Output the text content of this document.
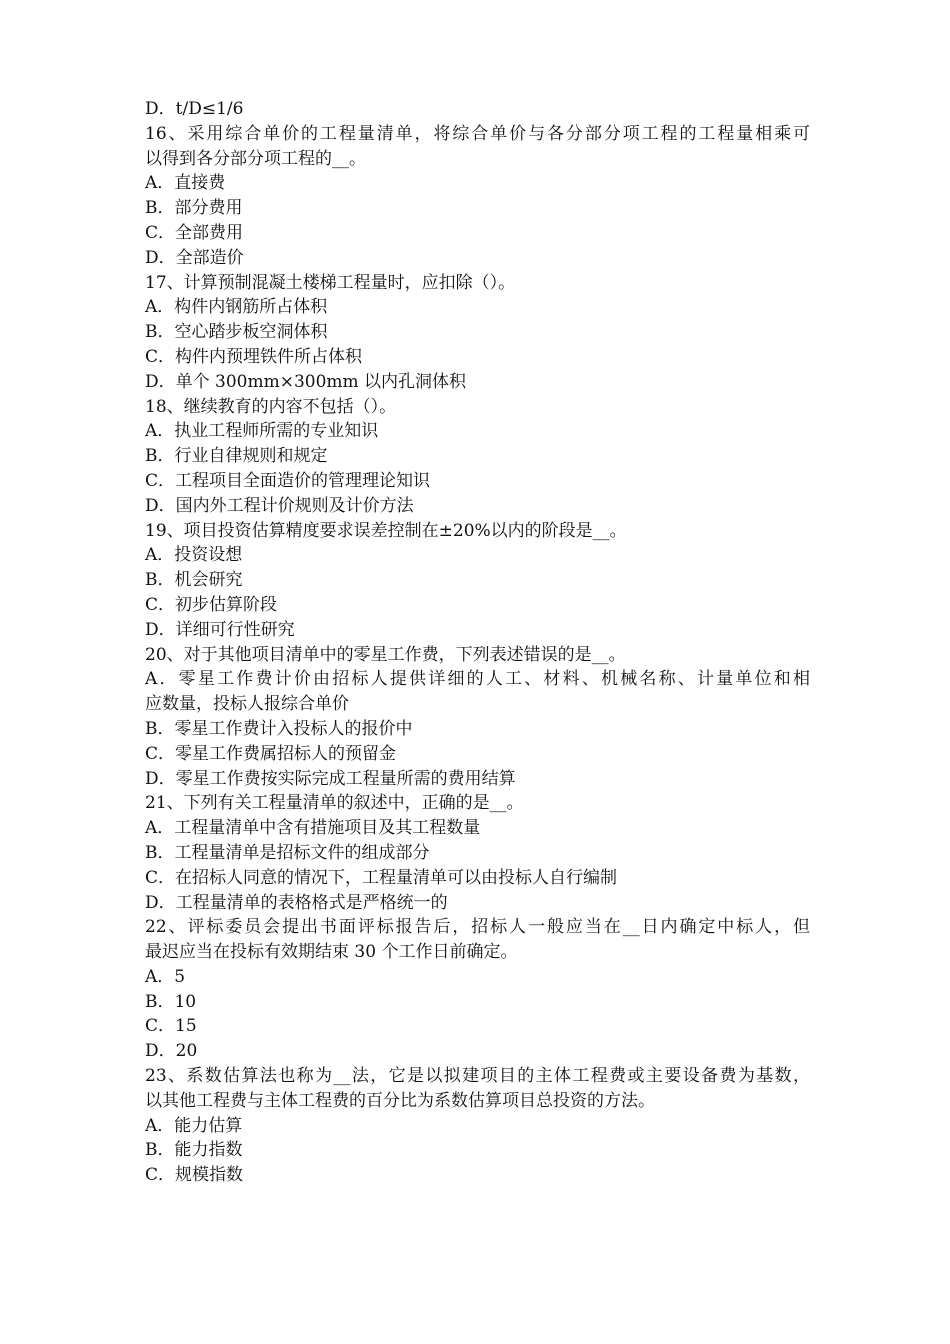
D．t/D≤1/6
16、采用综合单价的工程量清单，将综合单价与各分部分项工程的工程量相乘可
以得到各分部分项工程的__。
A．直接费
B．部分费用
C．全部费用
D．全部造价
17、计算预制混凝土楼梯工程量时，应扣除（）。
A．构件内钢筋所占体积
B．空心踏步板空洞体积
C．构件内预埋铁件所占体积
D．单个 300mm×300mm 以内孔洞体积
18、继续教育的内容不包括（）。
A．执业工程师所需的专业知识
B．行业自律规则和规定
C．工程项目全面造价的管理理论知识
D．国内外工程计价规则及计价方法
19、项目投资估算精度要求误差控制在±20%以内的阶段是__。
A．投资设想
B．机会研究
C．初步估算阶段
D．详细可行性研究
20、对于其他项目清单中的零星工作费，下列表述错误的是__。
A．零星工作费计价由招标人提供详细的人工、材料、机械名称、计量单位和相
应数量，投标人报综合单价
B．零星工作费计入投标人的报价中
C．零星工作费属招标人的预留金
D．零星工作费按实际完成工程量所需的费用结算
21、下列有关工程量清单的叙述中，正确的是__。
A．工程量清单中含有措施项目及其工程数量
B．工程量清单是招标文件的组成部分
C．在招标人同意的情况下，工程量清单可以由投标人自行编制
D．工程量清单的表格格式是严格统一的
22、评标委员会提出书面评标报告后，招标人一般应当在__日内确定中标人，但
最迟应当在投标有效期结束 30 个工作日前确定。
A．5
B．10
C．15
D．20
23、系数估算法也称为__法，它是以拟建项目的主体工程费或主要设备费为基数，
以其他工程费与主体工程费的百分比为系数估算项目总投资的方法。
A．能力估算
B．能力指数
C．规模指数
